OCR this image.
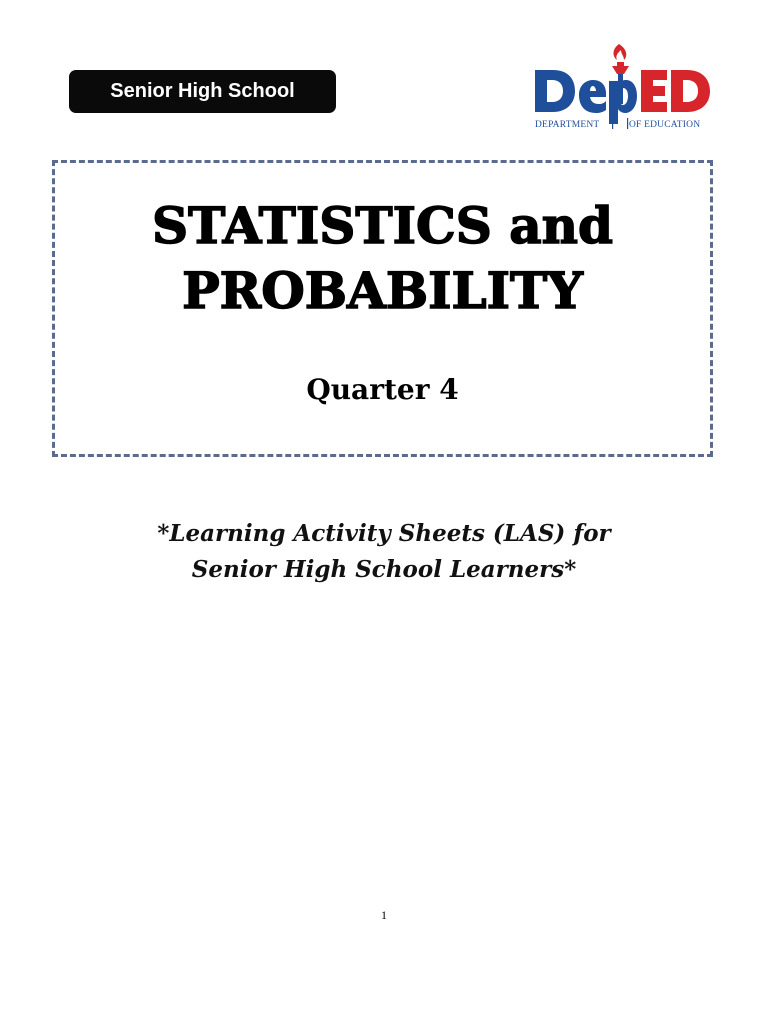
Senior High School
DEPARTMENT	OF EDUCATION
STATISTICS and
PROBABILITY
Quarter 4
*Learning Activity Sheets (LAS) for
Senior High School Learners*
1
